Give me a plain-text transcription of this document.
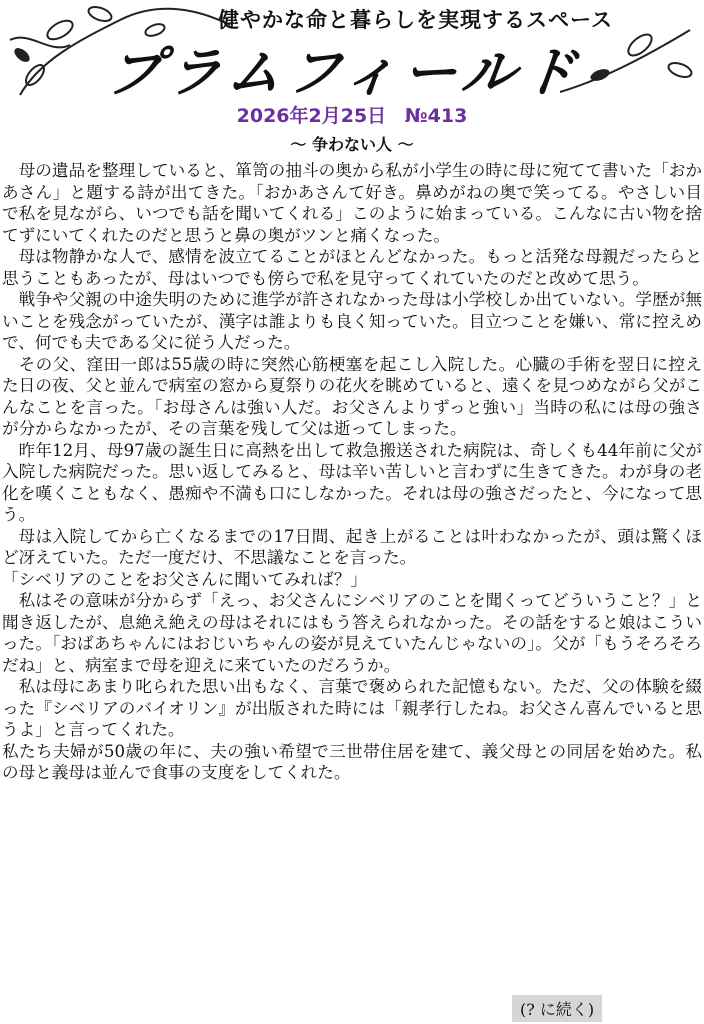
健やかな命と暮らしを実現するスペース
プラムフィールド
2026年2月25日 №413
～ 争わない人 ～

母の遺品を整理していると、箪笥の抽斗の奥から私が小学生の時に母に宛てて書いた「おかあさん」と題する詩が出てきた。「おかあさんて好き。鼻めがねの奥で笑ってる。やさしい目で私を見ながら、いつでも話を聞いてくれる」このように始まっている。こんなに古い物を捨てずにいてくれたのだと思うと鼻の奥がツンと痛くなった。

母は物静かな人で、感情を波立てることがほとんどなかった。もっと活発な母親だったらと思うこともあったが、母はいつでも傍らで私を見守ってくれていたのだと改めて思う。

戦争や父親の中途失明のために進学が許されなかった母は小学校しか出ていない。学歴が無いことを残念がっていたが、漢字は誰よりも良く知っていた。目立つことを嫌い、常に控えめで、何でも夫である父に従う人だった。

その父、窪田一郎は55歳の時に突然心筋梗塞を起こし入院した。心臓の手術を翌日に控えた日の夜、父と並んで病室の窓から夏祭りの花火を眺めていると、遠くを見つめながら父がこんなことを言った。「お母さんは強い人だ。お父さんよりずっと強い」当時の私には母の強さが分からなかったが、その言葉を残して父は逝ってしまった。

昨年12月、母97歳の誕生日に高熱を出して救急搬送された病院は、奇しくも44年前に父が入院した病院だった。思い返してみると、母は辛い苦しいと言わずに生きてきた。わが身の老化を嘆くこともなく、愚痴や不満も口にしなかった。それは母の強さだったと、今になって思う。

母は入院してから亡くなるまでの17日間、起き上がることは叶わなかったが、頭は驚くほど冴えていた。ただ一度だけ、不思議なことを言った。

「シベリアのことをお父さんに聞いてみれば？」

私はその意味が分からず「えっ、お父さんにシベリアのことを聞くってどういうこと？」と聞き返したが、息絶え絶えの母はそれにはもう答えられなかった。その話をすると娘はこういった。「おばあちゃんにはおじいちゃんの姿が見えていたんじゃないの」。父が「もうそろそろだね」と、病室まで母を迎えに来ていたのだろうか。

私は母にあまり叱られた思い出もなく、言葉で褒められた記憶もない。ただ、父の体験を綴った『シベリアのバイオリン』が出版された時には「親孝行したね。お父さん喜んでいると思うよ」と言ってくれた。

私たち夫婦が50歳の年に、夫の強い希望で三世帯住居を建て、義父母との同居を始めた。私の母と義母は並んで食事の支度をしてくれた。

(? に続く)
